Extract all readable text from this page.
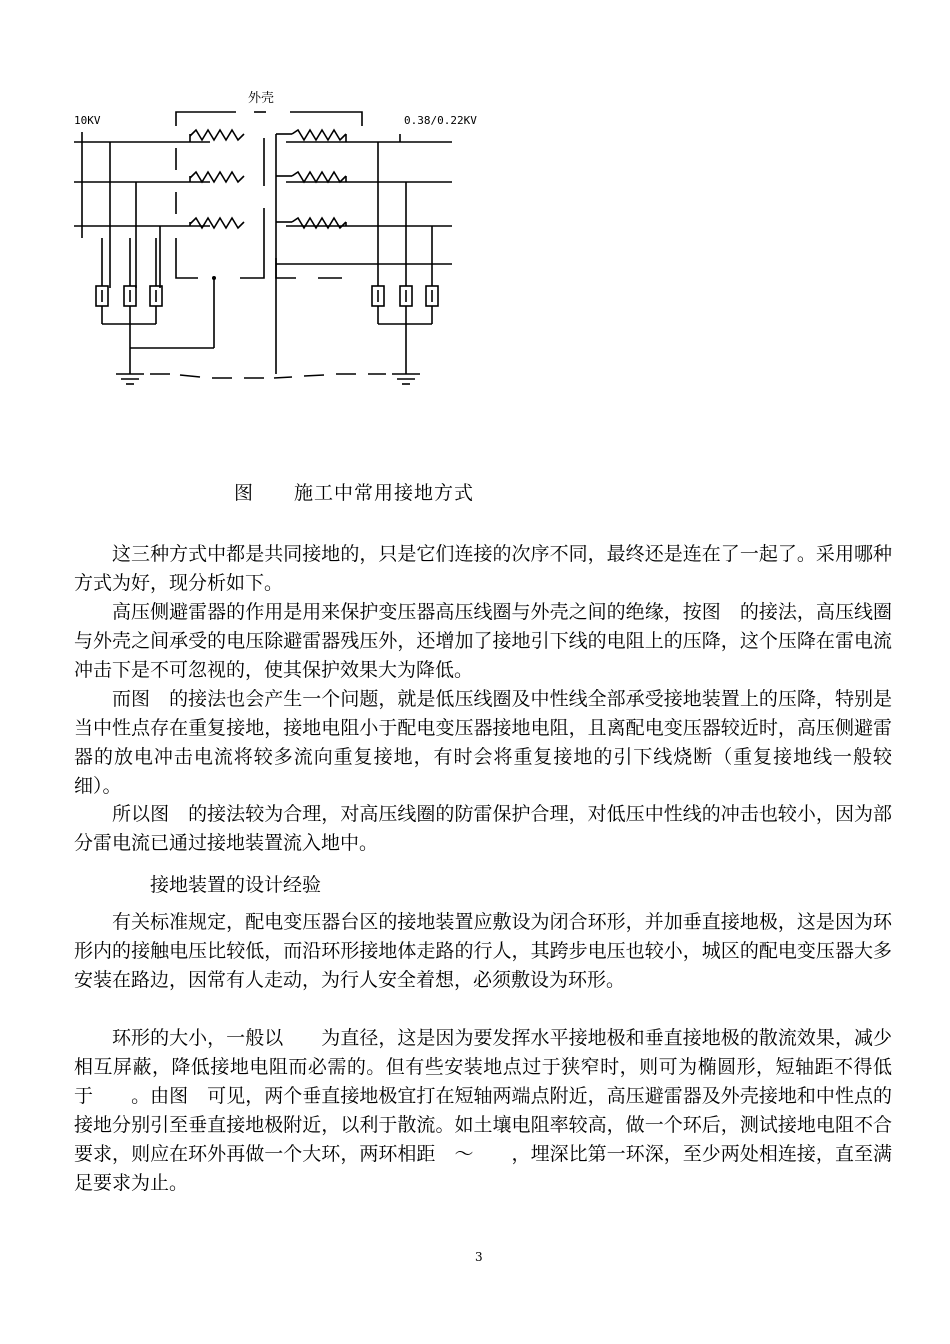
外壳
10KV	0.38/0.22KV
图　　施工中常用接地方式

这三种方式中都是共同接地的，只是它们连接的次序不同，最终还是连在了一起了。采用哪种方式为好，现分析如下。

高压侧避雷器的作用是用来保护变压器高压线圈与外壳之间的绝缘，按图　的接法，高压线圈与外壳之间承受的电压除避雷器残压外，还增加了接地引下线的电阻上的压降，这个压降在雷电流冲击下是不可忽视的，使其保护效果大为降低。

而图　的接法也会产生一个问题，就是低压线圈及中性线全部承受接地装置上的压降，特别是当中性点存在重复接地，接地电阻小于配电变压器接地电阻，且离配电变压器较近时，高压侧避雷器的放电冲击电流将较多流向重复接地，有时会将重复接地的引下线烧断（重复接地线一般较细）。

所以图　的接法较为合理，对高压线圈的防雷保护合理，对低压中性线的冲击也较小，因为部分雷电流已通过接地装置流入地中。

接地装置的设计经验

有关标准规定，配电变压器台区的接地装置应敷设为闭合环形，并加垂直接地极，这是因为环形内的接触电压比较低，而沿环形接地体走路的行人，其跨步电压也较小，城区的配电变压器大多安装在路边，因常有人走动，为行人安全着想，必须敷设为环形。

环形的大小，一般以　　为直径，这是因为要发挥水平接地极和垂直接地极的散流效果，减少相互屏蔽，降低接地电阻而必需的。但有些安装地点过于狭窄时，则可为椭圆形，短轴距不得低于　　。由图　可见，两个垂直接地极宜打在短轴两端点附近，高压避雷器及外壳接地和中性点的接地分别引至垂直接地极附近，以利于散流。如土壤电阻率较高，做一个环后，测试接地电阻不合要求，则应在环外再做一个大环，两环相距　～　　，埋深比第一环深，至少两处相连接，直至满足要求为止。

3
